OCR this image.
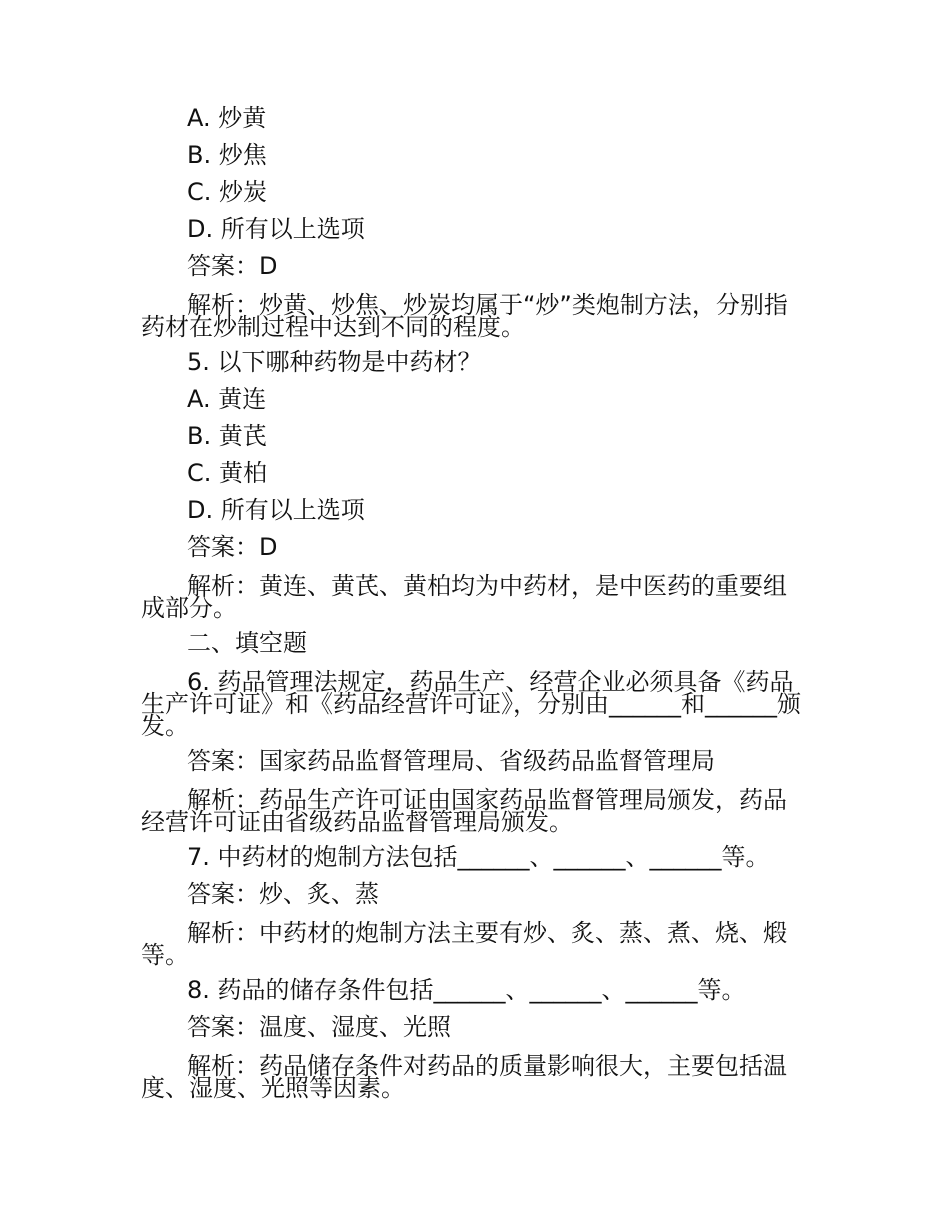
A. 炒黄
B. 炒焦
C. 炒炭
D. 所有以上选项
答案：D
解析：炒黄、炒焦、炒炭均属于“炒”类炮制方法，分别指药材在炒制过程中达到不同的程度。
5. 以下哪种药物是中药材？
A. 黄连
B. 黄芪
C. 黄柏
D. 所有以上选项
答案：D
解析：黄连、黄芪、黄柏均为中药材，是中医药的重要组成部分。
二、填空题
6. 药品管理法规定，药品生产、经营企业必须具备《药品生产许可证》和《药品经营许可证》，分别由______和______颁发。
答案：国家药品监督管理局、省级药品监督管理局
解析：药品生产许可证由国家药品监督管理局颁发，药品经营许可证由省级药品监督管理局颁发。
7. 中药材的炮制方法包括______、______、______等。
答案：炒、炙、蒸
解析：中药材的炮制方法主要有炒、炙、蒸、煮、烧、煅等。
8. 药品的储存条件包括______、______、______等。
答案：温度、湿度、光照
解析：药品储存条件对药品的质量影响很大，主要包括温度、湿度、光照等因素。
